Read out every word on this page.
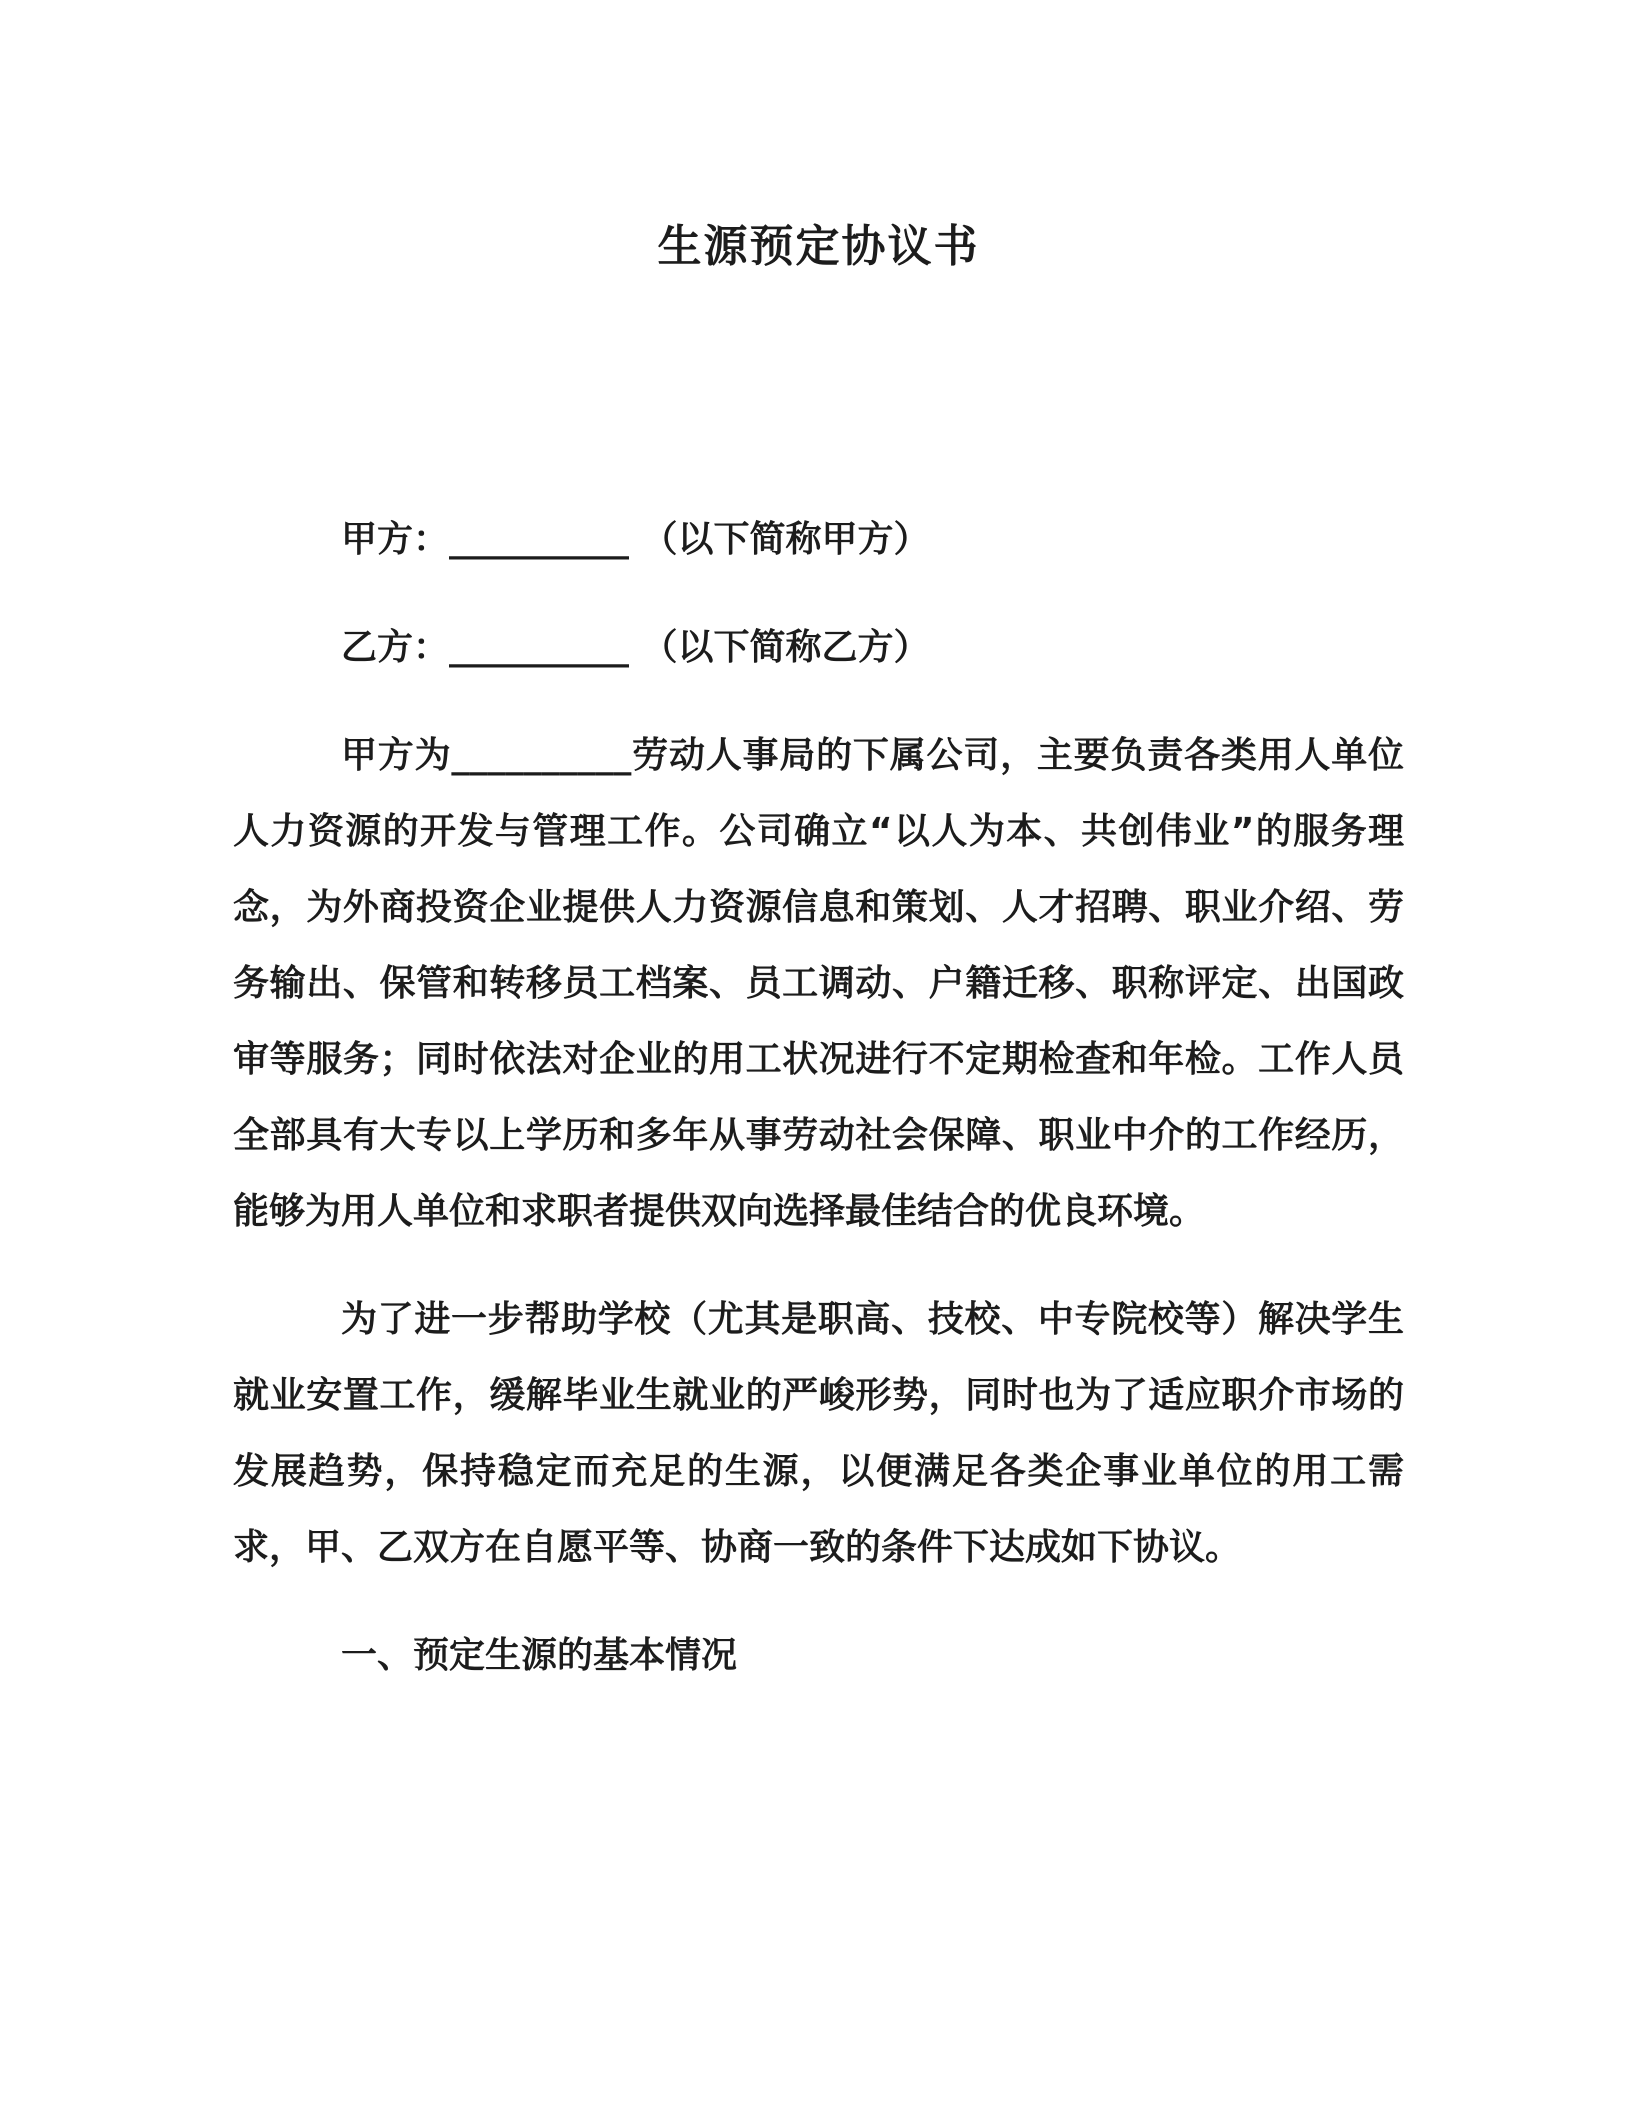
生源预定协议书

甲方：__________ （以下简称甲方）

乙方：__________ （以下简称乙方）

甲方为__________劳动人事局的下属公司，主要负责各类用人单位人力资源的开发与管理工作。公司确立“以人为本、共创伟业”的服务理念，为外商投资企业提供人力资源信息和策划、人才招聘、职业介绍、劳务输出、保管和转移员工档案、员工调动、户籍迁移、职称评定、出国政审等服务；同时依法对企业的用工状况进行不定期检查和年检。工作人员全部具有大专以上学历和多年从事劳动社会保障、职业中介的工作经历，能够为用人单位和求职者提供双向选择最佳结合的优良环境。

为了进一步帮助学校（尤其是职高、技校、中专院校等）解决学生就业安置工作，缓解毕业生就业的严峻形势，同时也为了适应职介市场的发展趋势，保持稳定而充足的生源，以便满足各类企事业单位的用工需求，甲、乙双方在自愿平等、协商一致的条件下达成如下协议。

一、预定生源的基本情况
